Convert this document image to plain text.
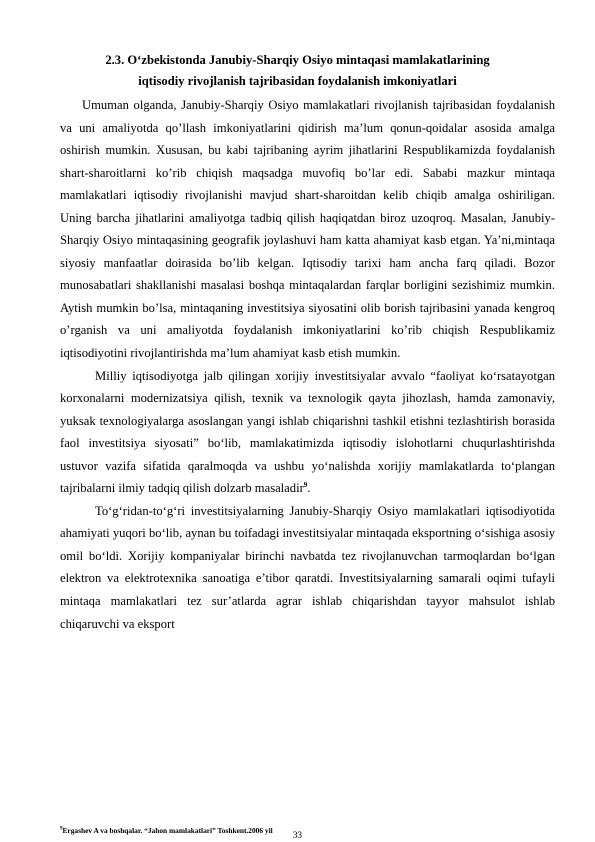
2.3. O‘zbekistonda Janubiy-Sharqiy Osiyo mintaqasi mamlakatlarining
iqtisodiy rivojlanish tajribasidan foydalanish imkoniyatlari

Umuman olganda, Janubiy-Sharqiy Osiyo mamlakatlari rivojlanish tajribasidan foydalanish va uni amaliyotda qo’llash imkoniyatlarini qidirish ma’lum qonun-qoidalar asosida amalga oshirish mumkin. Xususan, bu kabi tajribaning ayrim jihatlarini Respublikamizda foydalanish shart-sharoitlarni ko’rib chiqish maqsadga muvofiq bo’lar edi. Sababi mazkur mintaqa mamlakatlari iqtisodiy rivojlanishi mavjud shart-sharoitdan kelib chiqib amalga oshiriligan. Uning barcha jihatlarini amaliyotga tadbiq qilish haqiqatdan biroz uzoqroq. Masalan, Janubiy-Sharqiy Osiyo mintaqasining geografik joylashuvi ham katta ahamiyat kasb etgan. Ya’ni,mintaqa siyosiy manfaatlar doirasida bo’lib kelgan. Iqtisodiy tarixi ham ancha farq qiladi. Bozor munosabatlari shakllanishi masalasi boshqa mintaqalardan farqlar borligini sezishimiz mumkin. Aytish mumkin bo’lsa, mintaqaning investitsiya siyosatini olib borish tajribasini yanada kengroq o’rganish va uni amaliyotda foydalanish imkoniyatlarini ko’rib chiqish Respublikamiz iqtisodiyotini rivojlantirishda ma’lum ahamiyat kasb etish mumkin.

Milliy iqtisodiyotga jalb qilingan xorijiy investitsiyalar avvalo “faoliyat ko‘rsatayotgan korxonalarni modernizatsiya qilish, texnik va texnologik qayta jihozlash, hamda zamonaviy, yuksak texnologiyalarga asoslangan yangi ishlab chiqarishni tashkil etishni tezlashtirish borasida faol investitsiya siyosati” bo‘lib, mamlakatimizda iqtisodiy islohotlarni chuqurlashtirishda ustuvor vazifa sifatida qaralmoqda va ushbu yo‘nalishda xorijiy mamlakatlarda to‘plangan tajribalarni ilmiy tadqiq qilish dolzarb masaladir$^9$.

To‘g‘ridan-to‘g‘ri investitsiyalarning Janubiy-Sharqiy Osiyo mamlakatlari iqtisodiyotida ahamiyati yuqori bo‘lib, aynan bu toifadagi investitsiyalar mintaqada eksportning o‘sishiga asosiy omil bo‘ldi. Xorijiy kompaniyalar birinchi navbatda tez rivojlanuvchan tarmoqlardan bo‘lgan elektron va elektrotexnika sanoatiga e’tibor qaratdi. Investitsiyalarning samarali oqimi tufayli mintaqa mamlakatlari tez sur’atlarda agrar ishlab chiqarishdan tayyor mahsulot ishlab chiqaruvchi va eksport

$^9$Ergashev A va boshqalar. “Jahon mamlakatlari” Toshkent.2006 yil	33
